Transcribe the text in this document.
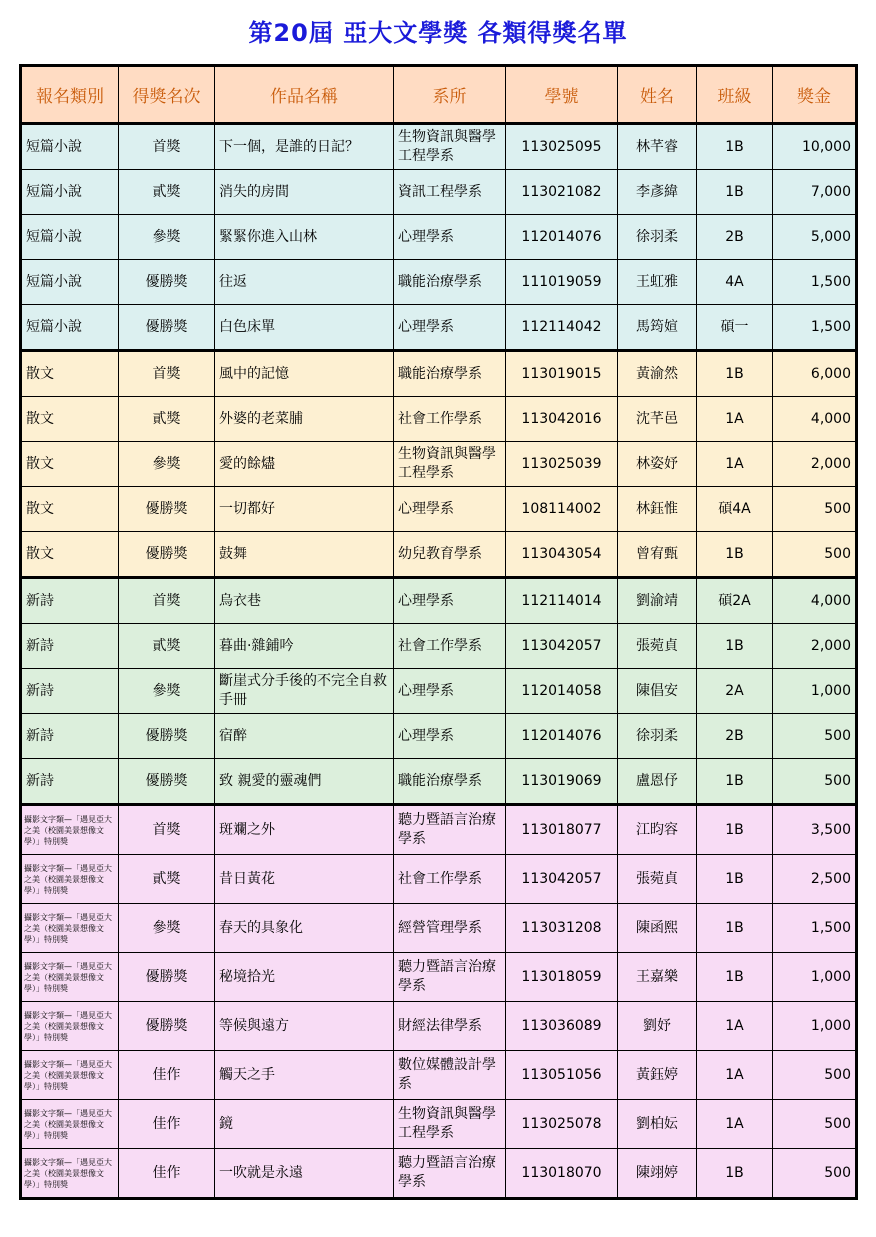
第20屆 亞大文學獎 各類得獎名單
報名類別	得獎名次	作品名稱	系所	學號	姓名	班級	獎金
短篇小說	首獎	下一個，是誰的日記？	生物資訊與醫學工程學系	113025095	林芊睿	1B	10,000
短篇小說	貳獎	消失的房間	資訊工程學系	113021082	李彥緯	1B	7,000
短篇小說	參獎	緊緊你進入山林	心理學系	112014076	徐羽柔	2B	5,000
短篇小說	優勝獎	往返	職能治療學系	111019059	王虹雅	4A	1,500
短篇小說	優勝獎	白色床單	心理學系	112114042	馬筠媗	碩一	1,500
散文	首獎	風中的記憶	職能治療學系	113019015	黃渝然	1B	6,000
散文	貳獎	外婆的老菜脯	社會工作學系	113042016	沈芊邑	1A	4,000
散文	參獎	愛的餘燼	生物資訊與醫學工程學系	113025039	林姿妤	1A	2,000
散文	優勝獎	一切都好	心理學系	108114002	林鈺惟	碩4A	500
散文	優勝獎	鼓舞	幼兒教育學系	113043054	曾宥甄	1B	500
新詩	首獎	烏衣巷	心理學系	112114014	劉渝靖	碩2A	4,000
新詩	貳獎	暮曲·雜鋪吟	社會工作學系	113042057	張菀貞	1B	2,000
新詩	參獎	斷崖式分手後的不完全自救手冊	心理學系	112014058	陳倡安	2A	1,000
新詩	優勝獎	宿醉	心理學系	112014076	徐羽柔	2B	500
新詩	優勝獎	致 親愛的靈魂們	職能治療學系	113019069	盧恩伃	1B	500
攝影文字類—「遇見亞大之美（校園美景想像文學）」特別獎	首獎	斑斕之外	聽力暨語言治療學系	113018077	江昀容	1B	3,500
攝影文字類—「遇見亞大之美（校園美景想像文學）」特別獎	貳獎	昔日黃花	社會工作學系	113042057	張菀貞	1B	2,500
攝影文字類—「遇見亞大之美（校園美景想像文學）」特別獎	參獎	春天的具象化	經營管理學系	113031208	陳函熙	1B	1,500
攝影文字類—「遇見亞大之美（校園美景想像文學）」特別獎	優勝獎	秘境拾光	聽力暨語言治療學系	113018059	王嘉樂	1B	1,000
攝影文字類—「遇見亞大之美（校園美景想像文學）」特別獎	優勝獎	等候與遠方	財經法律學系	113036089	劉妤	1A	1,000
攝影文字類—「遇見亞大之美（校園美景想像文學）」特別獎	佳作	觸天之手	數位媒體設計學系	113051056	黃鈺婷	1A	500
攝影文字類—「遇見亞大之美（校園美景想像文學）」特別獎	佳作	鏡	生物資訊與醫學工程學系	113025078	劉柏妘	1A	500
攝影文字類—「遇見亞大之美（校園美景想像文學）」特別獎	佳作	一吹就是永遠	聽力暨語言治療學系	113018070	陳翊婷	1B	500
